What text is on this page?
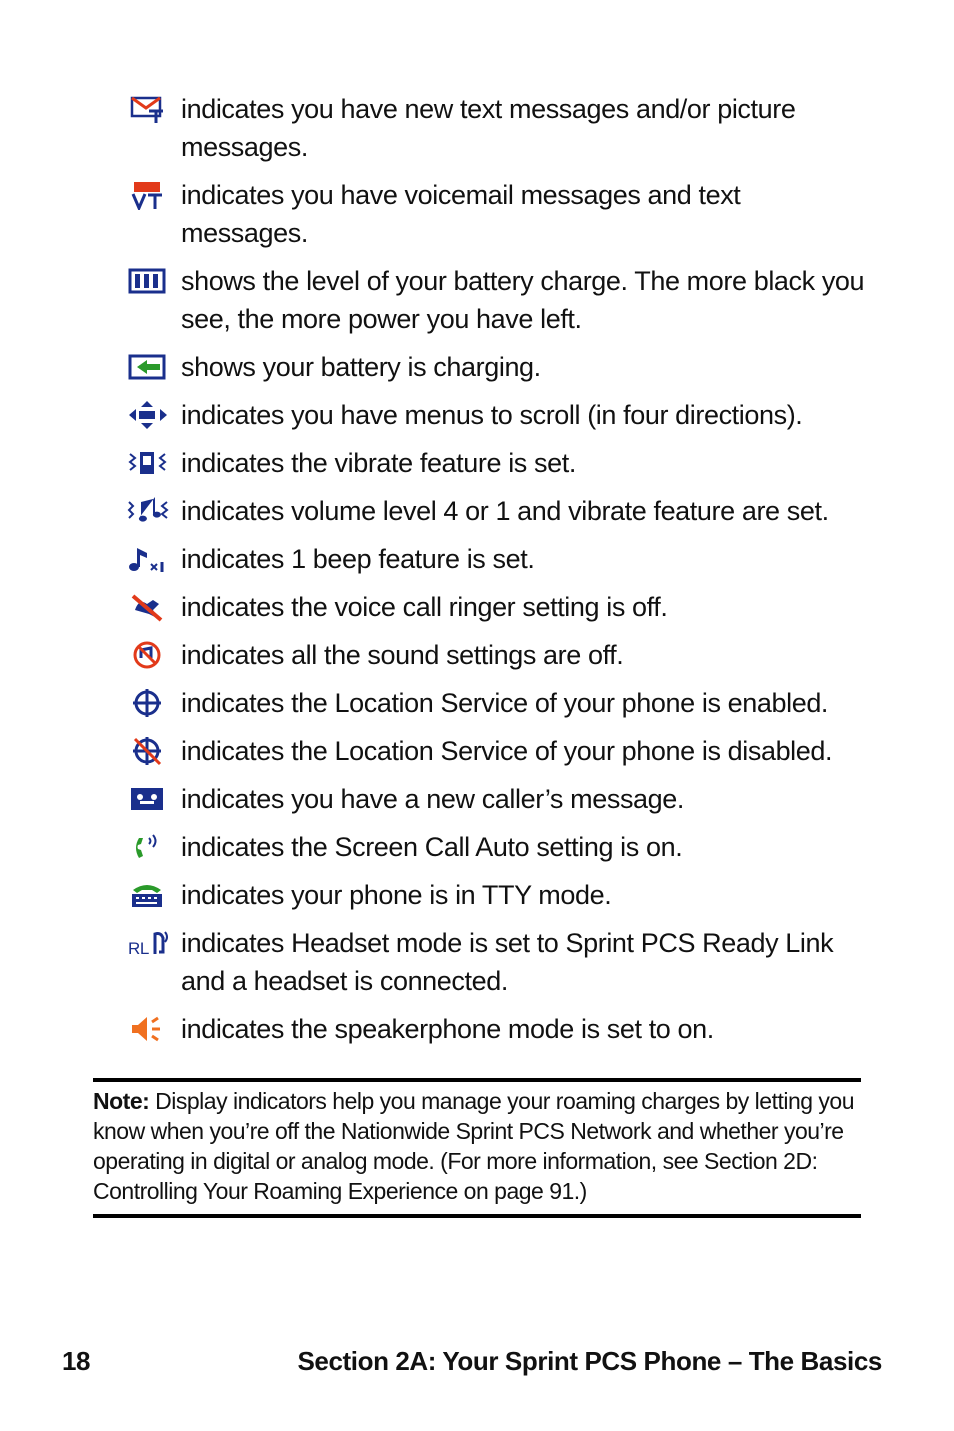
indicates you have new text messages and/or picture messages.
indicates you have voicemail messages and text messages.
shows the level of your battery charge. The more black you see, the more power you have left.
shows your battery is charging.
indicates you have menus to scroll (in four directions).
indicates the vibrate feature is set.
indicates volume level 4 or 1 and vibrate feature are set.
indicates 1 beep feature is set.
indicates the voice call ringer setting is off.
indicates all the sound settings are off.
indicates the Location Service of your phone is enabled.
indicates the Location Service of your phone is disabled.
indicates you have a new caller’s message.
indicates the Screen Call Auto setting is on.
indicates your phone is in TTY mode.
RL indicates Headset mode is set to Sprint PCS Ready Link and a headset is connected.
indicates the speakerphone mode is set to on.
Note: Display indicators help you manage your roaming charges by letting you know when you’re off the Nationwide Sprint PCS Network and whether you’re operating in digital or analog mode. (For more information, see Section 2D: Controlling Your Roaming Experience on page 91.)
18	Section 2A: Your Sprint PCS Phone – The Basics
